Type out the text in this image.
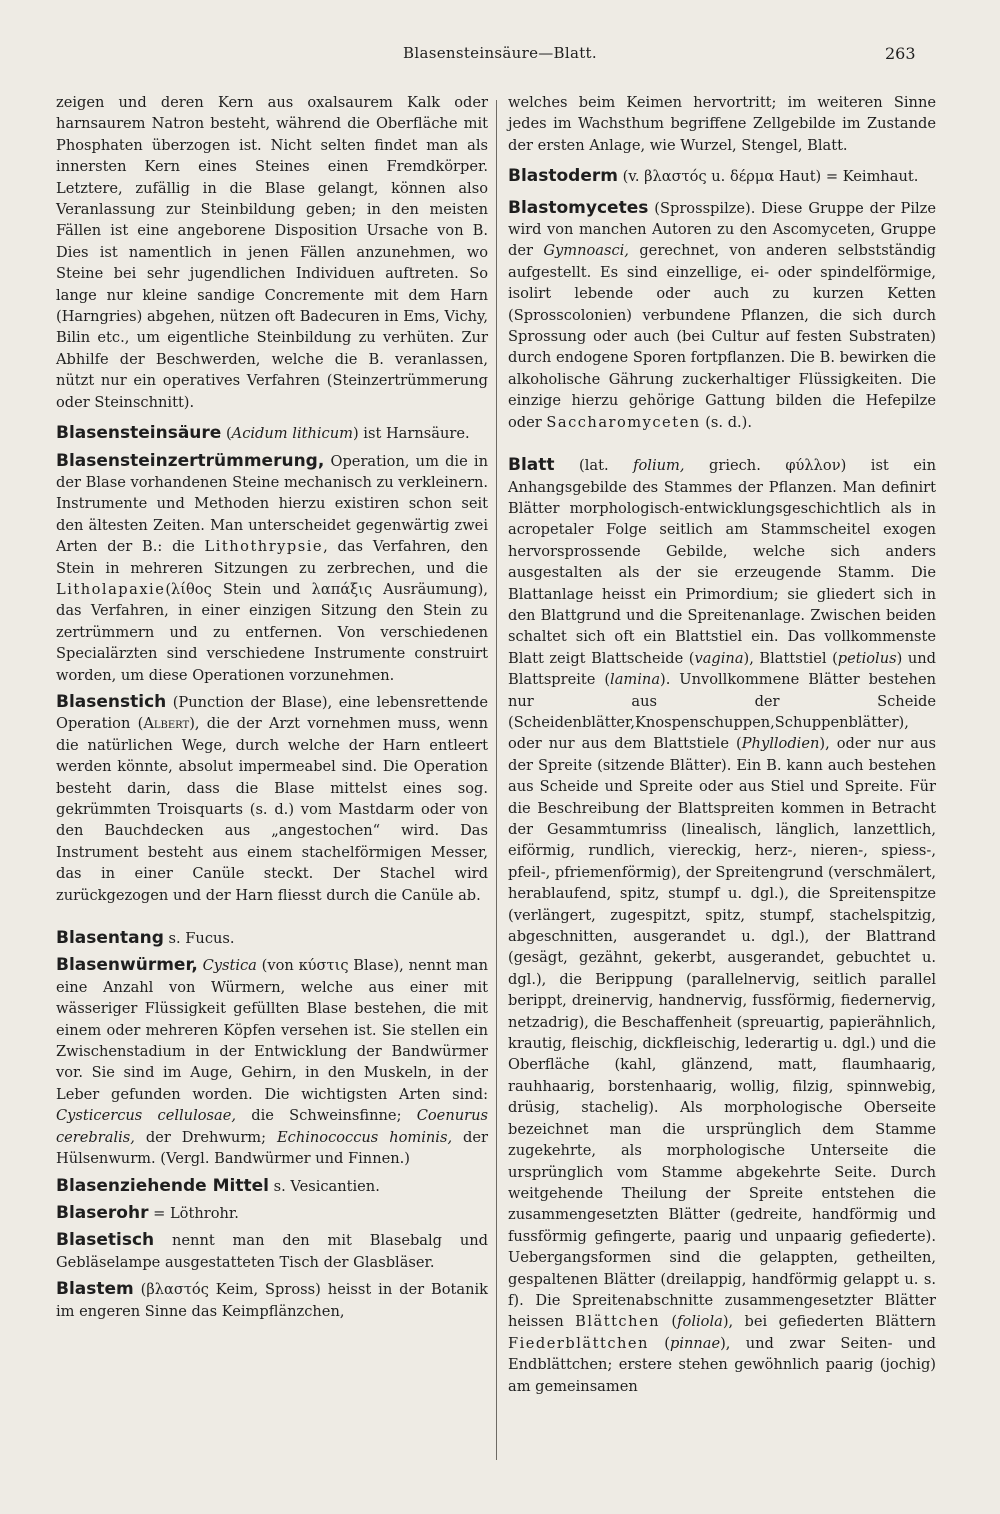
Blasensteinsäure—Blatt.	263

zeigen und deren Kern aus oxalsaurem Kalk oder harnsaurem Natron besteht, während die Oberfläche mit Phosphaten überzogen ist. Nicht selten findet man als innersten Kern eines Steines einen Fremdkörper. Letztere, zufällig in die Blase gelangt, können also Veranlassung zur Steinbildung geben; in den meisten Fällen ist eine angeborene Disposition Ursache von B. Dies ist namentlich in jenen Fällen anzunehmen, wo Steine bei sehr jugendlichen Individuen auftreten. So lange nur kleine sandige Concremente mit dem Harn (Harngries) abgehen, nützen oft Badecuren in Ems, Vichy, Bilin etc., um eigentliche Steinbildung zu verhüten. Zur Abhilfe der Beschwerden, welche die B. veranlassen, nützt nur ein operatives Verfahren (Steinzertrümmerung oder Steinschnitt).

Blasensteinsäure (Acidum lithicum) ist Harnsäure.

Blasensteinzertrümmerung, Operation, um die in der Blase vorhandenen Steine mechanisch zu verkleinern. Instrumente und Methoden hierzu existiren schon seit den ältesten Zeiten. Man unterscheidet gegenwärtig zwei Arten der B.: die Lithothrypsie, das Verfahren, den Stein in mehreren Sitzungen zu zerbrechen, und die Litholapaxie(λίθος Stein und λαπάξις Ausräumung), das Verfahren, in einer einzigen Sitzung den Stein zu zertrümmern und zu entfernen. Von verschiedenen Specialärzten sind verschiedene Instrumente construirt worden, um diese Operationen vorzunehmen.

Blasenstich (Punction der Blase), eine lebensrettende Operation (Albert), die der Arzt vornehmen muss, wenn die natürlichen Wege, durch welche der Harn entleert werden könnte, absolut impermeabel sind. Die Operation besteht darin, dass die Blase mittelst eines sog. gekrümmten Troisquarts (s. d.) vom Mastdarm oder von den Bauchdecken aus „angestochen“ wird. Das Instrument besteht aus einem stachelförmigen Messer, das in einer Canüle steckt. Der Stachel wird zurückgezogen und der Harn fliesst durch die Canüle ab.

Blasentang s. Fucus.

Blasenwürmer, Cystica (von κύστις Blase), nennt man eine Anzahl von Würmern, welche aus einer mit wässeriger Flüssigkeit gefüllten Blase bestehen, die mit einem oder mehreren Köpfen versehen ist. Sie stellen ein Zwischenstadium in der Entwicklung der Bandwürmer vor. Sie sind im Auge, Gehirn, in den Muskeln, in der Leber gefunden worden. Die wichtigsten Arten sind: Cysticercus cellulosae, die Schweinsfinne; Coenurus cerebralis, der Drehwurm; Echinococcus hominis, der Hülsenwurm. (Vergl. Bandwürmer und Finnen.)

Blasenziehende Mittel s. Vesicantien.

Blaserohr = Löthrohr.

Blasetisch nennt man den mit Blasebalg und Gebläselampe ausgestatteten Tisch der Glasbläser.

Blastem (βλαστός Keim, Spross) heisst in der Botanik im engeren Sinne das Keimpflänzchen,

welches beim Keimen hervortritt; im weiteren Sinne jedes im Wachsthum begriffene Zellgebilde im Zustande der ersten Anlage, wie Wurzel, Stengel, Blatt.

Blastoderm (v. βλαστός u. δέρμα Haut) = Keimhaut.

Blastomycetes (Sprosspilze). Diese Gruppe der Pilze wird von manchen Autoren zu den Ascomyceten, Gruppe der Gymnoasci, gerechnet, von anderen selbstständig aufgestellt. Es sind einzellige, ei- oder spindelförmige, isolirt lebende oder auch zu kurzen Ketten (Sprosscolonien) verbundene Pflanzen, die sich durch Sprossung oder auch (bei Cultur auf festen Substraten) durch endogene Sporen fortpflanzen. Die B. bewirken die alkoholische Gährung zuckerhaltiger Flüssigkeiten. Die einzige hierzu gehörige Gattung bilden die Hefepilze oder Saccharomyceten (s. d.).

Blatt (lat. folium, griech. φύλλον) ist ein Anhangsgebilde des Stammes der Pflanzen. Man definirt Blätter morphologisch-entwicklungsgeschichtlich als in acropetaler Folge seitlich am Stammscheitel exogen hervorsprossende Gebilde, welche sich anders ausgestalten als der sie erzeugende Stamm. Die Blattanlage heisst ein Primordium; sie gliedert sich in den Blattgrund und die Spreitenanlage. Zwischen beiden schaltet sich oft ein Blattstiel ein. Das vollkommenste Blatt zeigt Blattscheide (vagina), Blattstiel (petiolus) und Blattspreite (lamina). Unvollkommene Blätter bestehen nur aus der Scheide (Scheidenblätter,Knospenschuppen,Schuppenblätter), oder nur aus dem Blattstiele (Phyllodien), oder nur aus der Spreite (sitzende Blätter). Ein B. kann auch bestehen aus Scheide und Spreite oder aus Stiel und Spreite. Für die Beschreibung der Blattspreiten kommen in Betracht der Gesammtumriss (linealisch, länglich, lanzettlich, eiförmig, rundlich, viereckig, herz-, nieren-, spiess-, pfeil-, pfriemenförmig), der Spreitengrund (verschmälert, herablaufend, spitz, stumpf u. dgl.), die Spreitenspitze (verlängert, zugespitzt, spitz, stumpf, stachelspitzig, abgeschnitten, ausgerandet u. dgl.), der Blattrand (gesägt, gezähnt, gekerbt, ausgerandet, gebuchtet u. dgl.), die Berippung (parallelnervig, seitlich parallel berippt, dreinervig, handnervig, fussförmig, fiedernervig, netzadrig), die Beschaffenheit (spreuartig, papierähnlich, krautig, fleischig, dickfleischig, lederartig u. dgl.) und die Oberfläche (kahl, glänzend, matt, flaumhaarig, rauhhaarig, borstenhaarig, wollig, filzig, spinnwebig, drüsig, stachelig). Als morphologische Oberseite bezeichnet man die ursprünglich dem Stamme zugekehrte, als morphologische Unterseite die ursprünglich vom Stamme abgekehrte Seite. Durch weitgehende Theilung der Spreite entstehen die zusammengesetzten Blätter (gedreite, handförmig und fussförmig gefingerte, paarig und unpaarig gefiederte). Uebergangsformen sind die gelappten, getheilten, gespaltenen Blätter (dreilappig, handförmig gelappt u. s. f). Die Spreitenabschnitte zusammengesetzter Blätter heissen Blättchen (foliola), bei gefiederten Blättern Fiederblättchen (pinnae), und zwar Seiten- und Endblättchen; erstere stehen gewöhnlich paarig (jochig) am gemeinsamen
